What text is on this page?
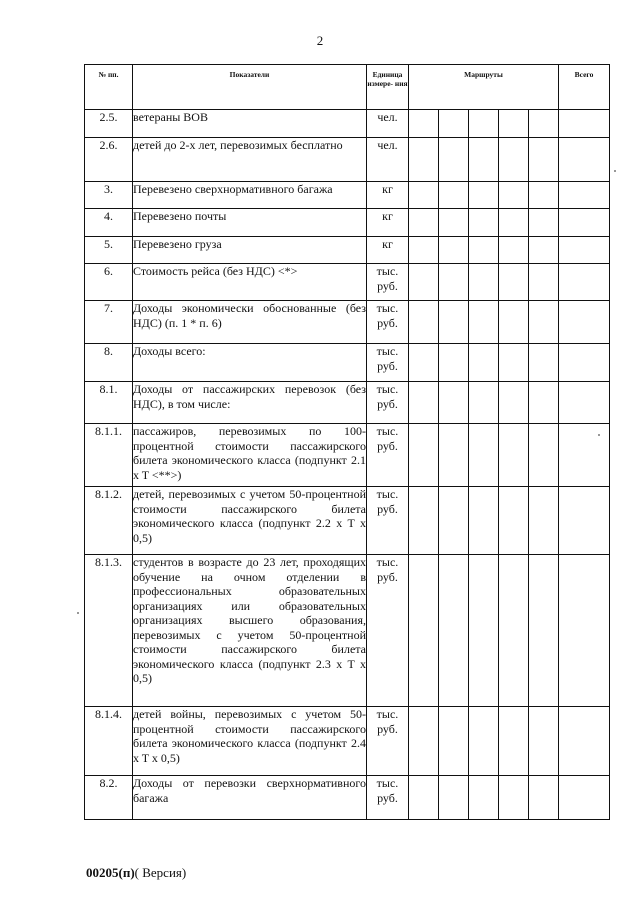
2
№ пп.	Показатели	Единица измере- ния	Маршруты					Всего

2.5.	ветераны ВОВ	чел.						
2.6.	детей до 2-х лет, перевозимых бесплатно	чел.						
3.	Перевезено сверхнормативного багажа	кг						
4.	Перевезено почты	кг						
5.	Перевезено груза	кг						
6.	Стоимость рейса (без НДС) <*>	тыс. руб.						
7.	Доходы экономически обоснованные (без НДС) (п. 1 * п. 6)	тыс. руб.						
8.	Доходы всего:	тыс. руб.						
8.1.	Доходы от пассажирских перевозок (без НДС), в том числе:	тыс. руб.						
8.1.1.	пассажиров, перевозимых по 100-процентной стоимости пассажирского билета экономического класса (подпункт 2.1 x T <**>)	тыс. руб.						
8.1.2.	детей, перевозимых с учетом 50-процентной стоимости пассажирского билета экономического класса (подпункт 2.2 x T x 0,5)	тыс. руб.						
8.1.3.	студентов в возрасте до 23 лет, проходящих обучение на очном отделении в профессиональных образовательных организациях или образовательных организациях высшего образования, перевозимых с учетом 50-процентной стоимости пассажирского билета экономического класса (подпункт 2.3 x T x 0,5)	тыс. руб.						
8.1.4.	детей войны, перевозимых с учетом 50-процентной стоимости пассажирского билета экономического класса (подпункт 2.4 x T x 0,5)	тыс. руб.						
8.2.	Доходы от перевозки сверхнормативного багажа	тыс. руб.						
00205(п)( Версия)
